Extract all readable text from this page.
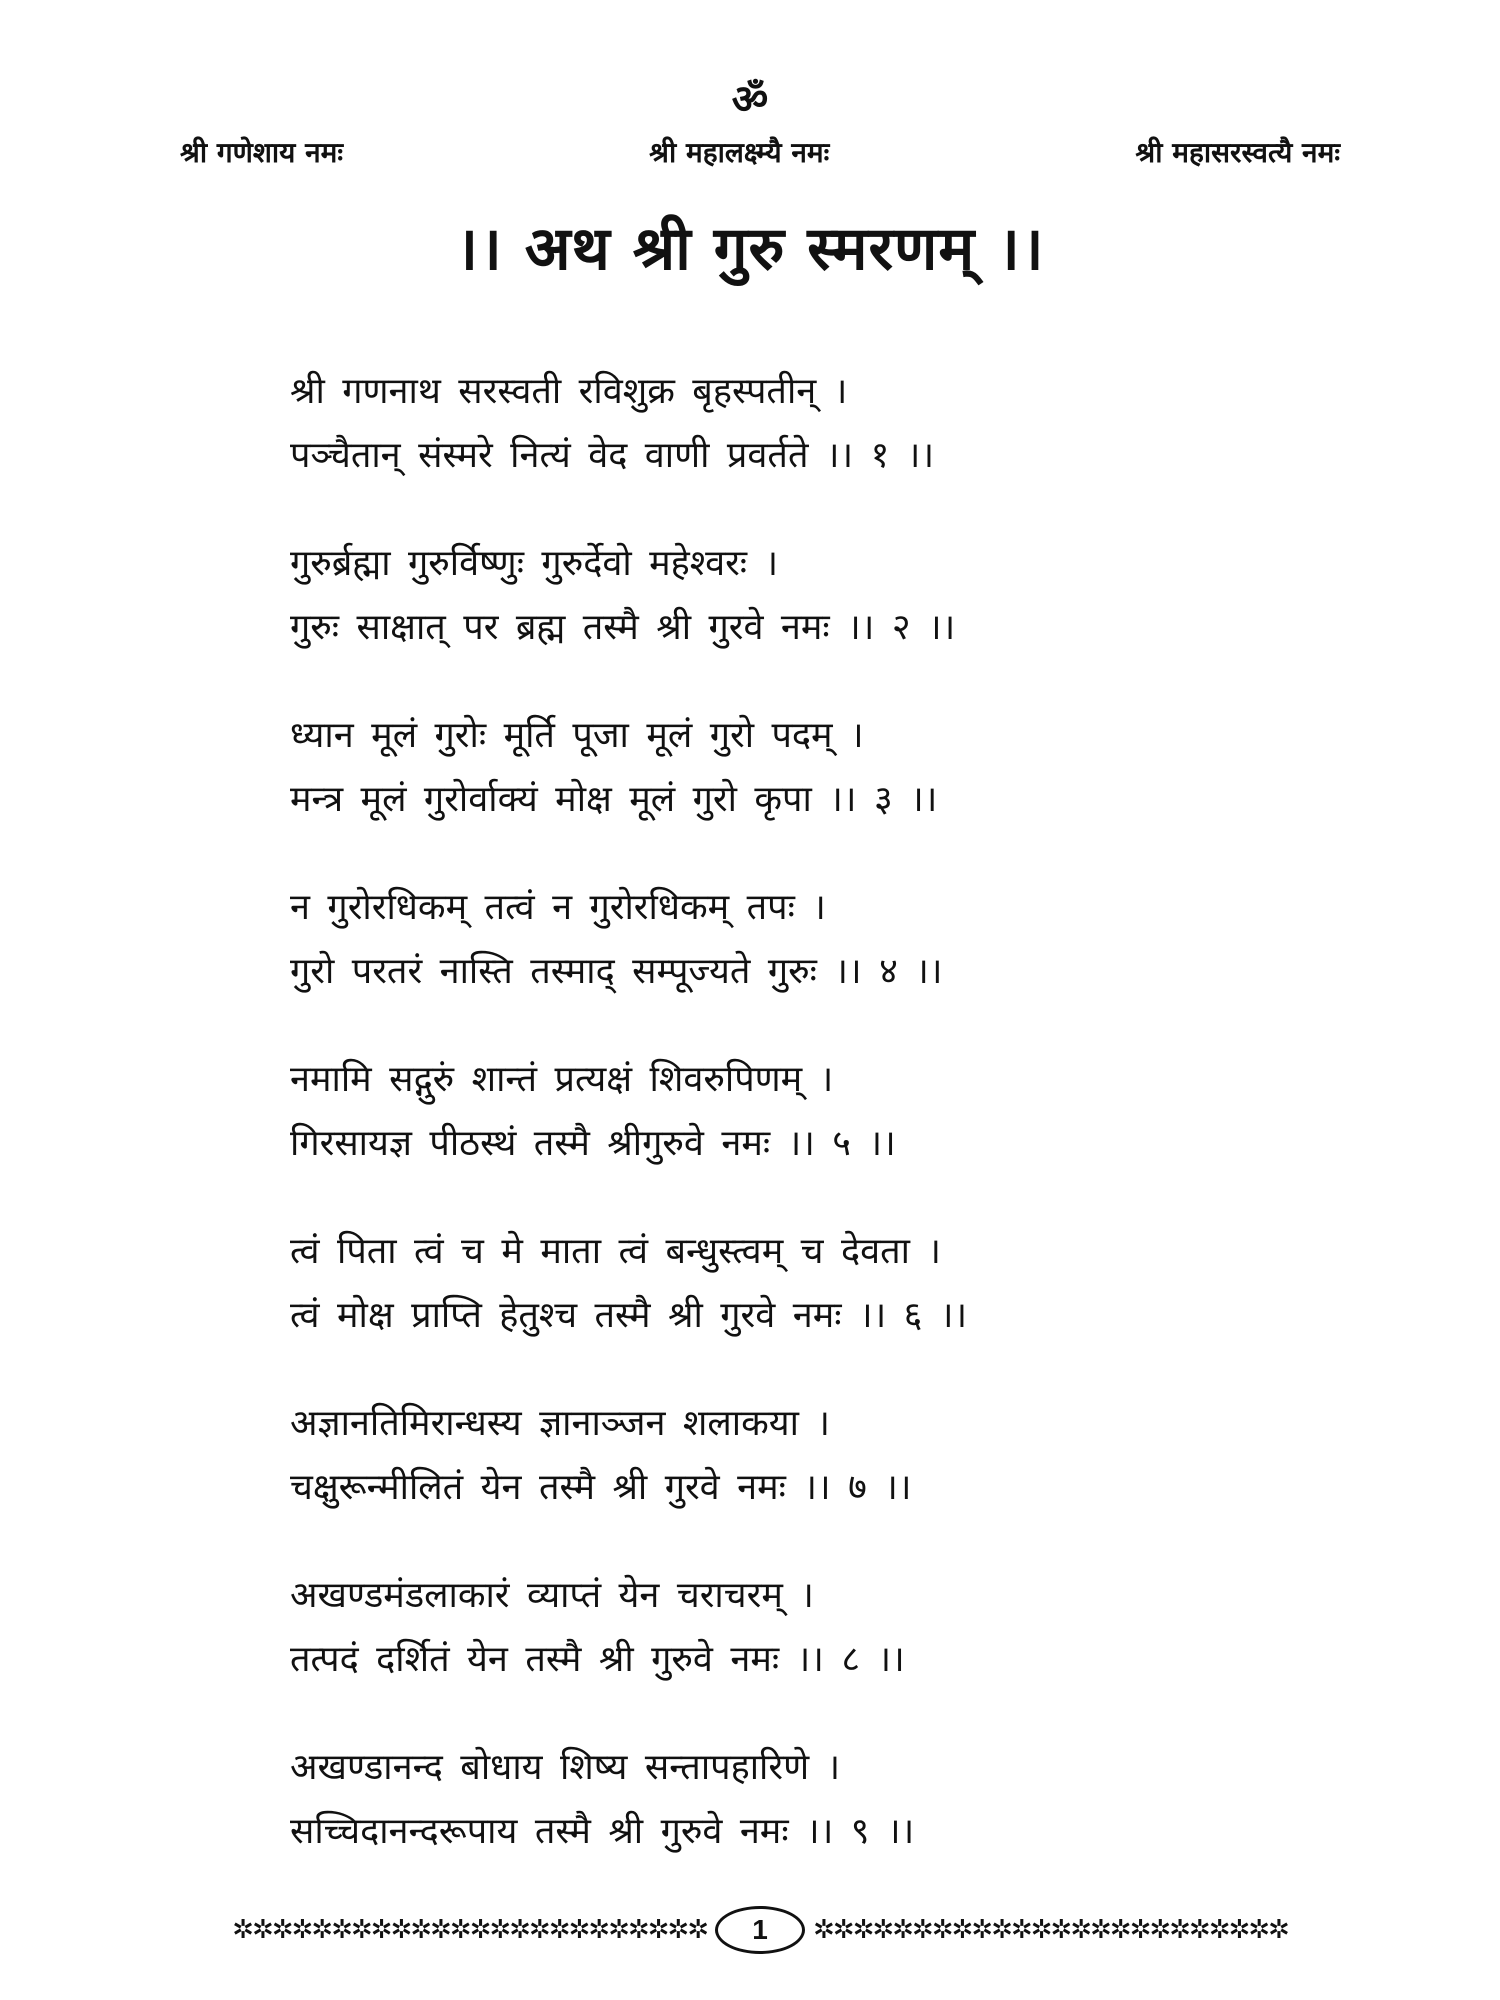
ॐ
श्री गणेशाय नमः	श्री महालक्ष्म्यै नमः	श्री महासरस्वत्यै नमः
।। अथ श्री गुरु स्मरणम् ।।
श्री गणनाथ सरस्वती रविशुक्र बृहस्पतीन् ।
पञ्चैतान् संस्मरे नित्यं वेद वाणी प्रवर्तते ।। १ ।।
गुरुर्ब्रह्मा गुरुर्विष्णुः गुरुर्देवो महेश्वरः ।
गुरुः साक्षात् पर ब्रह्म तस्मै श्री गुरवे नमः ।। २ ।।
ध्यान मूलं गुरोः मूर्ति पूजा मूलं गुरो पदम् ।
मन्त्र मूलं गुरोर्वाक्यं मोक्ष मूलं गुरो कृपा ।। ३ ।।
न गुरोरधिकम् तत्वं न गुरोरधिकम् तपः ।
गुरो परतरं नास्ति तस्माद् सम्पूज्यते गुरुः ।। ४ ।।
नमामि सद्गुरुं शान्तं प्रत्यक्षं शिवरुपिणम् ।
गिरसायज्ञ पीठस्थं तस्मै श्रीगुरुवे नमः ।। ५ ।।
त्वं पिता त्वं च मे माता त्वं बन्धुस्त्वम् च देवता ।
त्वं मोक्ष प्राप्ति हेतुश्च तस्मै श्री गुरवे नमः ।। ६ ।।
अज्ञानतिमिरान्धस्य ज्ञानाञ्जन शलाकया ।
चक्षुरून्मीलितं येन तस्मै श्री गुरवे नमः ।। ७ ।।
अखण्डमंडलाकारं व्याप्तं येन चराचरम् ।
तत्पदं दर्शितं येन तस्मै श्री गुरुवे नमः ।। ८ ।।
अखण्डानन्द बोधाय शिष्य सन्तापहारिणे ।
सच्चिदानन्दरूपाय तस्मै श्री गुरुवे नमः ।। ९ ।।
✲✲✲✲✲✲✲✲✲✲✲✲✲✲✲✲✲✲✲✲✲✲✲✲	1	✲✲✲✲✲✲✲✲✲✲✲✲✲✲✲✲✲✲✲✲✲✲✲✲
